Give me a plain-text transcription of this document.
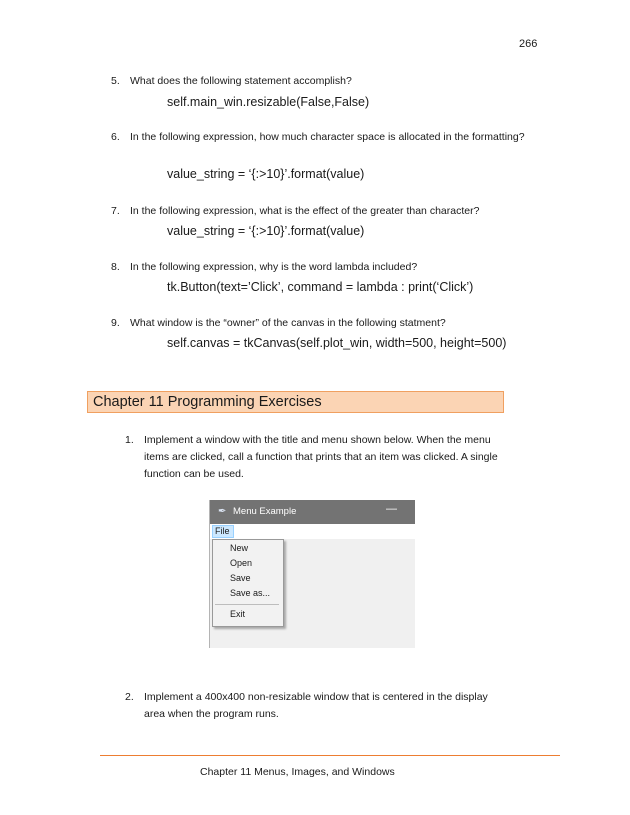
266
5. What does the following statement accomplish?
self.main_win.resizable(False,False)
6. In the following expression, how much character space is allocated in the formatting?
value_string = ‘{:>10}’.format(value)
7. In the following expression, what is the effect of the greater than character?
value_string = ‘{:>10}’.format(value)
8. In the following expression, why is the word lambda included?
tk.Button(text=’Click’, command = lambda : print(‘Click’)
9. What window is the “owner” of the canvas in the following statment?
self.canvas = tkCanvas(self.plot_win, width=500, height=500)
Chapter 11 Programming Exercises
1. Implement a window with the title and menu shown below. When the menu items are clicked, call a function that prints that an item was clicked. A single function can be used.
✒ Menu Example	—
File
New
Open
Save
Save as...
Exit
2. Implement a 400x400 non-resizable window that is centered in the display area when the program runs.
Chapter 11 Menus, Images, and Windows
